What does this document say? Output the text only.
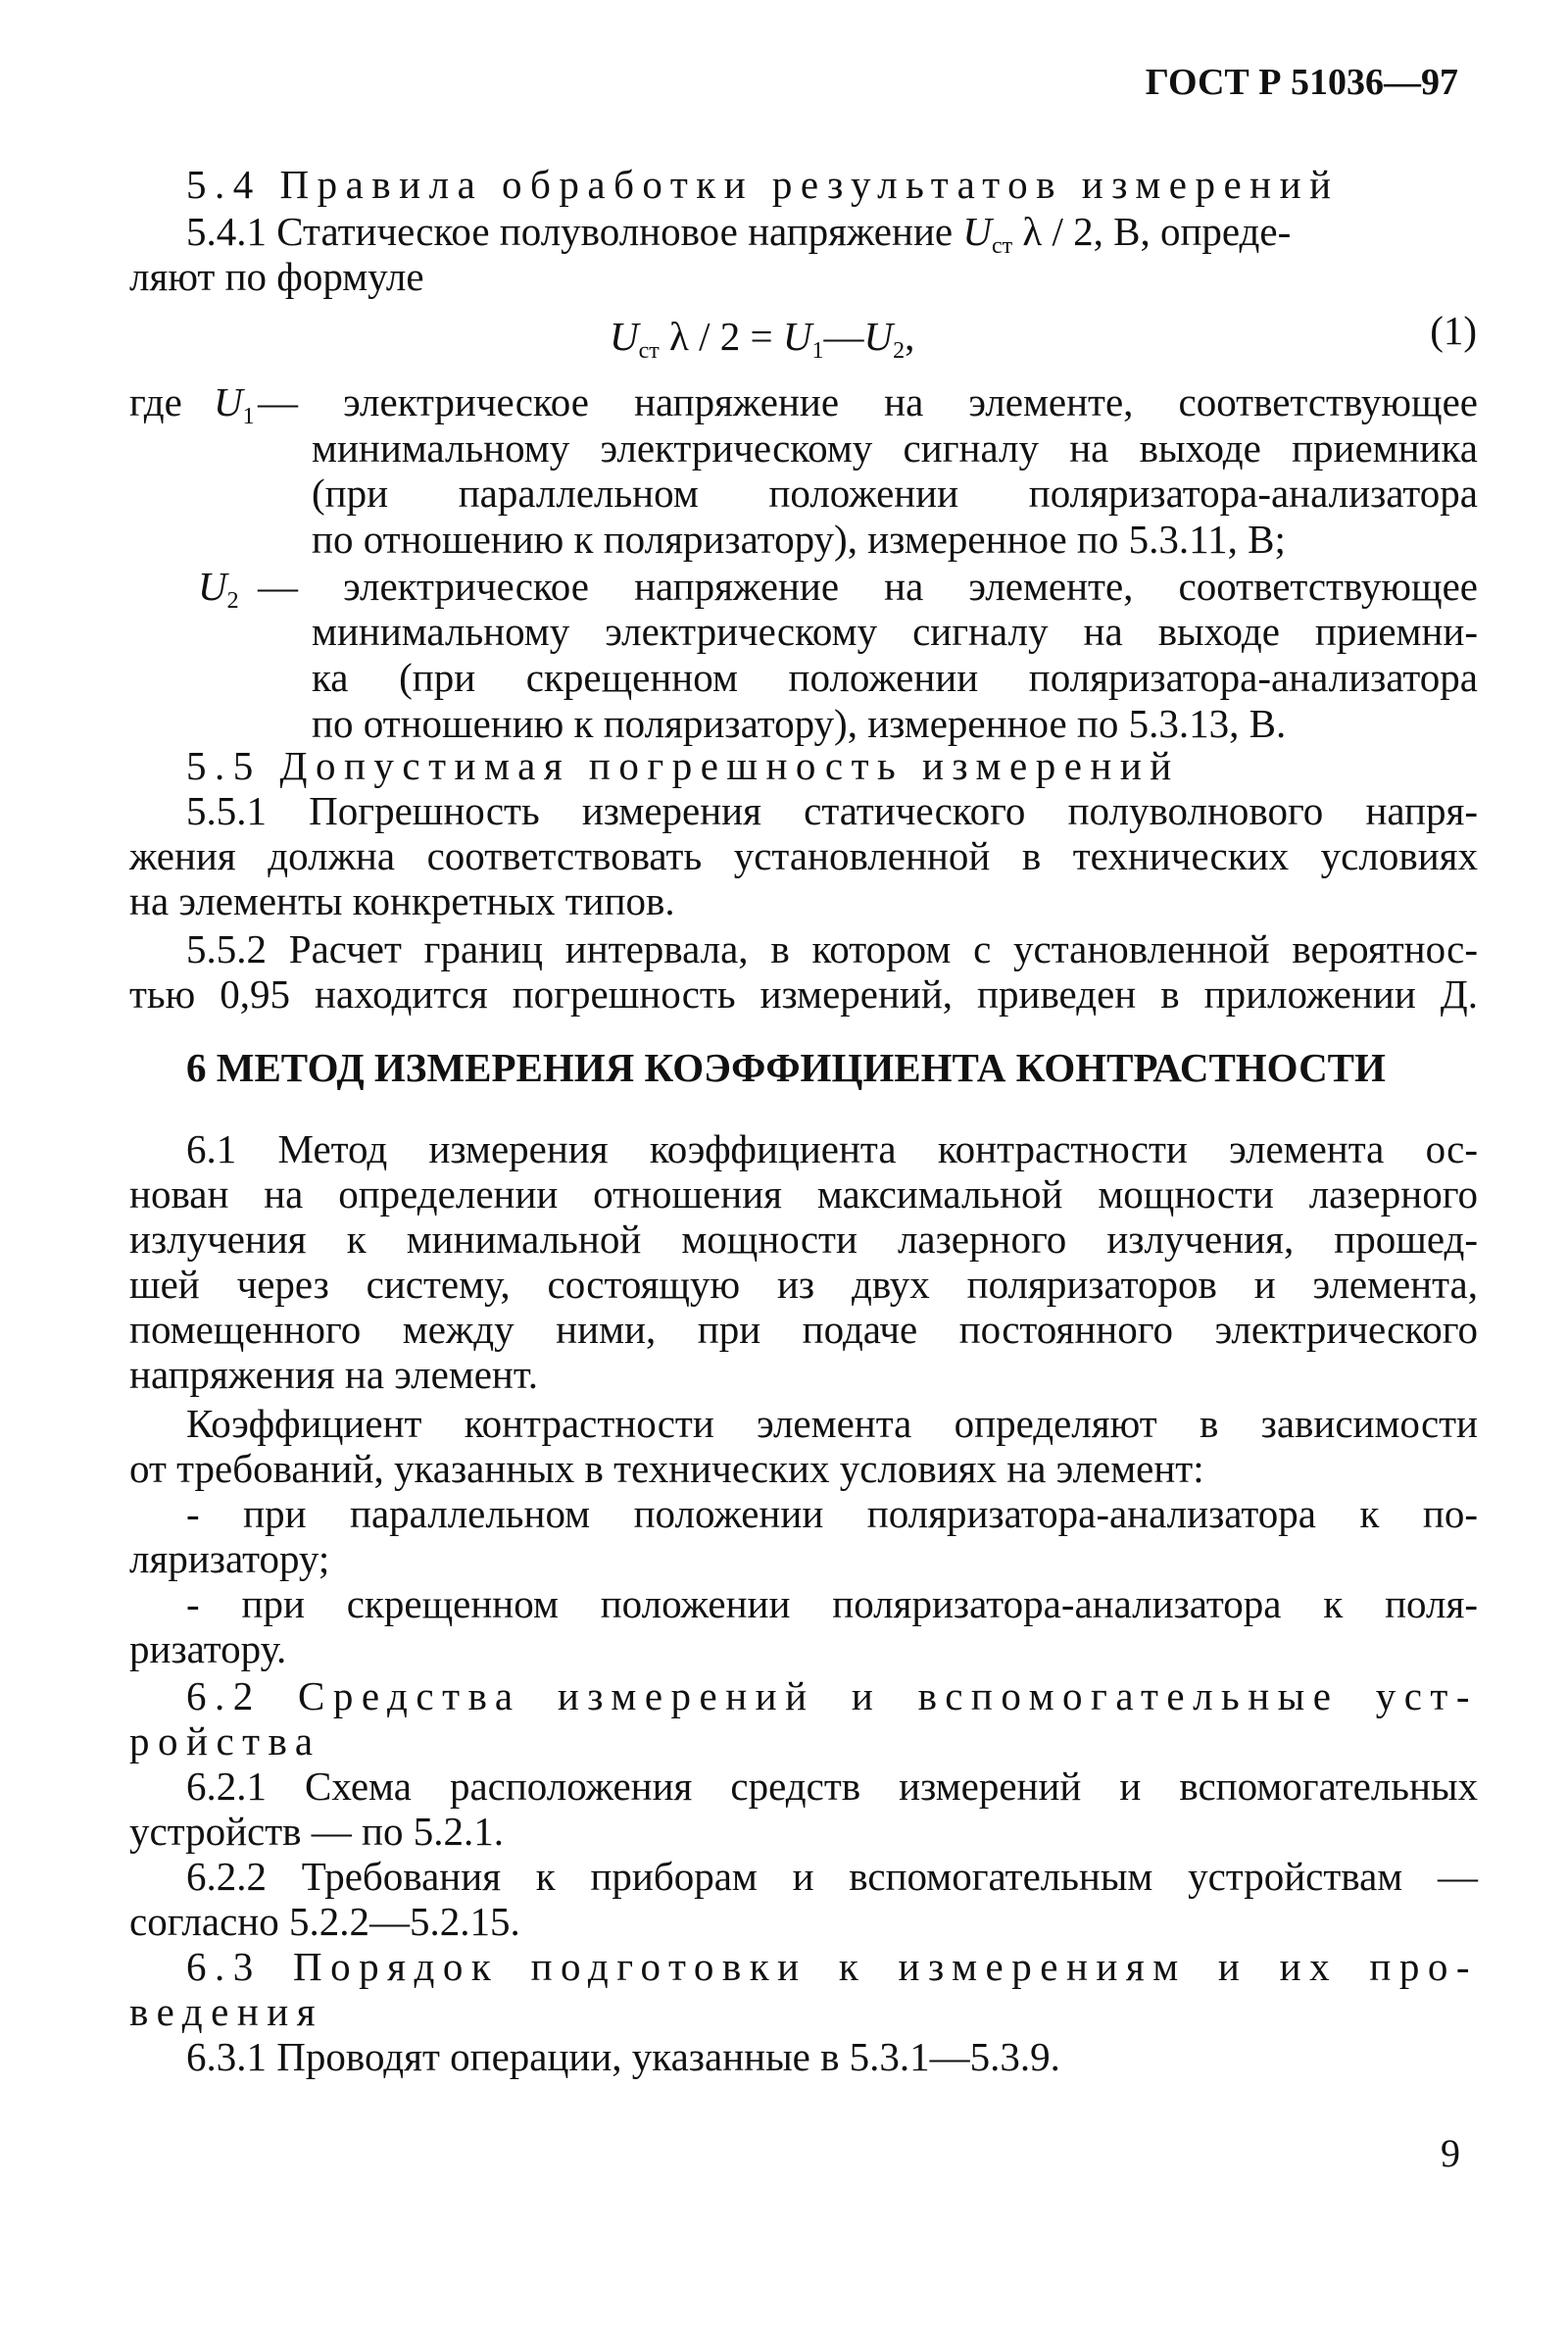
ГОСТ Р 51036—97
5.4 Правила обработки результатов измерений
5.4.1 Статическое полуволновое напряжение $U_{ст}$ λ / 2, В, опреде-
ляют по формуле
$U_{ст}$ $\lambda / 2 = U_1—U_2$,	(1)
где $U_1$ — электрическое напряжение на элементе, соответствующее
минимальному электрическому сигналу на выходе приемника
(при параллельном положении поляризатора-анализатора
по отношению к поляризатору), измеренное по 5.3.11, В;
$U_2$ — электрическое напряжение на элементе, соответствующее
минимальному электрическому сигналу на выходе приемни-
ка (при скрещенном положении поляризатора-анализатора
по отношению к поляризатору), измеренное по 5.3.13, В.
5.5 Допустимая погрешность измерений
5.5.1 Погрешность измерения статического полуволнового напря-
жения должна соответствовать установленной в технических условиях
на элементы конкретных типов.
5.5.2 Расчет границ интервала, в котором с установленной вероятнос-
тью 0,95 находится погрешность измерений, приведен в приложении Д.
6 МЕТОД ИЗМЕРЕНИЯ КОЭФФИЦИЕНТА КОНТРАСТНОСТИ
6.1 Метод измерения коэффициента контрастности элемента ос-
нован на определении отношения максимальной мощности лазерного
излучения к минимальной мощности лазерного излучения, прошед-
шей через систему, состоящую из двух поляризаторов и элемента,
помещенного между ними, при подаче постоянного электрического
напряжения на элемент.
Коэффициент контрастности элемента определяют в зависимости
от требований, указанных в технических условиях на элемент:
- при параллельном положении поляризатора-анализатора к по-
ляризатору;
- при скрещенном положении поляризатора-анализатора к поля-
ризатору.
6.2 Средства измерений и вспомогательные уст-
ройства
6.2.1 Схема расположения средств измерений и вспомогательных
устройств — по 5.2.1.
6.2.2 Требования к приборам и вспомогательным устройствам —
согласно 5.2.2—5.2.15.
6.3 Порядок подготовки к измерениям и их про-
ведения
6.3.1 Проводят операции, указанные в 5.3.1—5.3.9.
9
